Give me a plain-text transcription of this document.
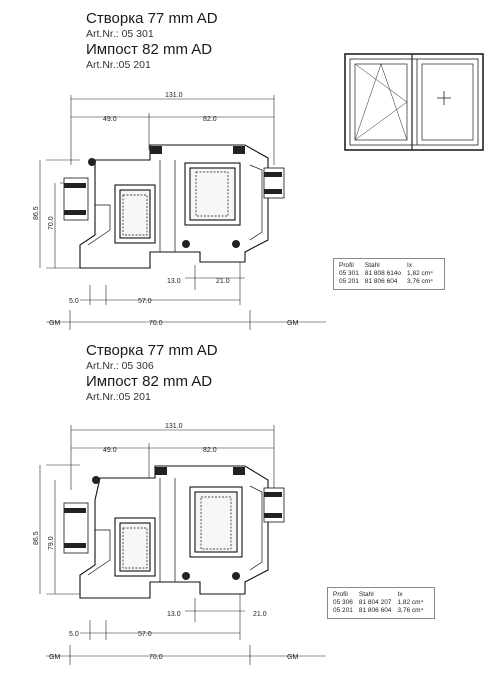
Створка 77 mm AD

Art.Nr.: 05 301

Импост 82 mm AD

Art.Nr.:05 201

Створка 77 mm AD

Art.Nr.: 05 306

Импост 82 mm AD

Art.Nr.:05 201

131.0
49.0	82.0
86.5
70.0
13.0	21.0
5.0	57.0
70.0
GM	GM
131.0
49.0	82.0
86.5 79.0
13.0	21.0
5.0	57.0
70.0
GM	GM
Profil	Stahl	Ix
05 301	81 808 614o	1,82 cm⁴
05 201	81 806 604	3,76 cm⁴
Profil	Stahl	Ix
05 306	81 804 207	1,82 cm⁴
05 201	81 806 604	3,76 cm⁴
